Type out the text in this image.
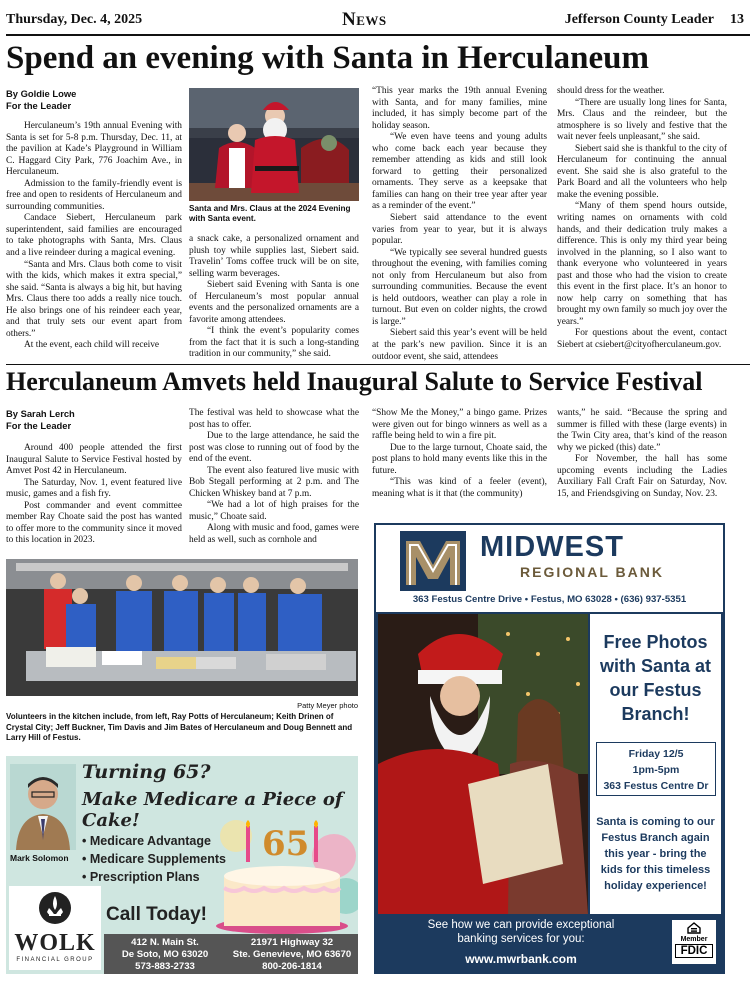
Thursday, Dec. 4, 2025	News	Jefferson County Leader 13
Spend an evening with Santa in Herculaneum
By Goldie Lowe
For the Leader

Herculaneum’s 19th annual Evening with Santa is set for 5-8 p.m. Thursday, Dec. 11, at the pavilion at Kade’s Playground in William C. Haggard City Park, 776 Joachim Ave., in Herculaneum.

Admission to the family-friendly event is free and open to residents of Herculaneum and surrounding communities.

Candace Siebert, Herculaneum park superintendent, said families are encouraged to take photographs with Santa, Mrs. Claus and a live reindeer during a magical evening.

“Santa and Mrs. Claus both come to visit with the kids, which makes it extra special,” she said. “Santa is always a big hit, but having Mrs. Claus there too adds a really nice touch. He also brings one of his reindeer each year, and that truly sets our event apart from others.”

At the event, each child will receive

Santa and Mrs. Claus at the 2024 Evening with Santa event.

a snack cake, a personalized ornament and plush toy while supplies last, Siebert said. Travelin’ Toms coffee truck will be on site, selling warm beverages.

Siebert said Evening with Santa is one of Herculaneum’s most popular annual events and the personalized ornaments are a favorite among attendees.

“I think the event’s popularity comes from the fact that it is such a long-standing tradition in our community,” she said.

“This year marks the 19th annual Evening with Santa, and for many families, mine included, it has simply become part of the holiday season.

“We even have teens and young adults who come back each year because they remember attending as kids and still look forward to getting their personalized ornaments. They serve as a keepsake that families can hang on their tree year after year as a reminder of the event.”

Siebert said attendance to the event varies from year to year, but it is always popular.

“We typically see several hundred guests throughout the evening, with families coming not only from Herculaneum but also from surrounding communities. Because the event is held outdoors, weather can play a role in turnout. But even on colder nights, the crowd is large.”

Siebert said this year’s event will be held at the park’s new pavilion. Since it is an outdoor event, she said, attendees

should dress for the weather.

“There are usually long lines for Santa, Mrs. Claus and the reindeer, but the atmosphere is so lively and festive that the wait never feels unpleasant,” she said.

Siebert said she is thankful to the city of Herculaneum for continuing the annual event. She said she is also grateful to the Park Board and all the volunteers who help make the evening possible.

“Many of them spend hours outside, writing names on ornaments with cold hands, and their dedication truly makes a difference. This is only my third year being involved in the planning, so I also want to thank everyone who volunteered in years past and those who had the vision to create this event in the first place. It’s an honor to now help carry on something that has brought my own family so much joy over the years.”

For questions about the event, contact Siebert at csiebert@cityofherculaneum.gov.

Herculaneum Amvets held Inaugural Salute to Service Festival
By Sarah Lerch
For the Leader

Around 400 people attended the first Inaugural Salute to Service Festival hosted by Amvet Post 42 in Herculaneum.

The Saturday, Nov. 1, event featured live music, games and a fish fry.

Post commander and event committee member Ray Choate said the post has wanted to offer more to the community since it moved to this location in 2023.

The festival was held to showcase what the post has to offer.

Due to the large attendance, he said the post was close to running out of food by the end of the event.

The event also featured live music with Bob Stegall performing at 2 p.m. and The Chicken Whiskey band at 7 p.m.

“We had a lot of high praises for the music,” Choate said.

Along with music and food, games were held as well, such as cornhole and

“Show Me the Money,” a bingo game. Prizes were given out for bingo winners as well as a raffle being held to win a fire pit.

Due to the large turnout, Choate said, the post plans to hold many events like this in the future.

“This was kind of a feeler (event), meaning what is it that (the community)

wants,” he said. “Because the spring and summer is filled with these (large events) in the Twin City area, that’s kind of the reason why we picked (this) date.”

For November, the hall has some upcoming events including the Ladies Auxiliary Fall Craft Fair on Saturday, Nov. 15, and Friendsgiving on Sunday, Nov. 23.

Patty Meyer photo
Volunteers in the kitchen include, from left, Ray Potts of Herculaneum; Keith Drinen of Crystal City; Jeff Buckner, Tim Davis and Jim Bates of Herculaneum and Doug Bennett and Larry Hill of Festus.
MIDWEST
REGIONAL BANK
363 Festus Centre Drive • Festus, MO 63028 • (636) 937-5351
Free Photos with Santa at our Festus Branch!
Friday 12/5
1pm-5pm
363 Festus Centre Dr
Santa is coming to our Festus Branch again this year - bring the kids for this timeless holiday experience!
See how we can provide exceptional
banking services for you:
www.mwrbank.com
Member
FDIC
Mark Solomon
Turning 65?
Make Medicare a Piece of Cake!
• Medicare Advantage
• Medicare Supplements
• Prescription Plans
65
Call Today!
WOLK
FINANCIAL GROUP
412 N. Main St.
De Soto, MO 63020
573-883-2733
21971 Highway 32
Ste. Genevieve, MO 63670
800-206-1814
